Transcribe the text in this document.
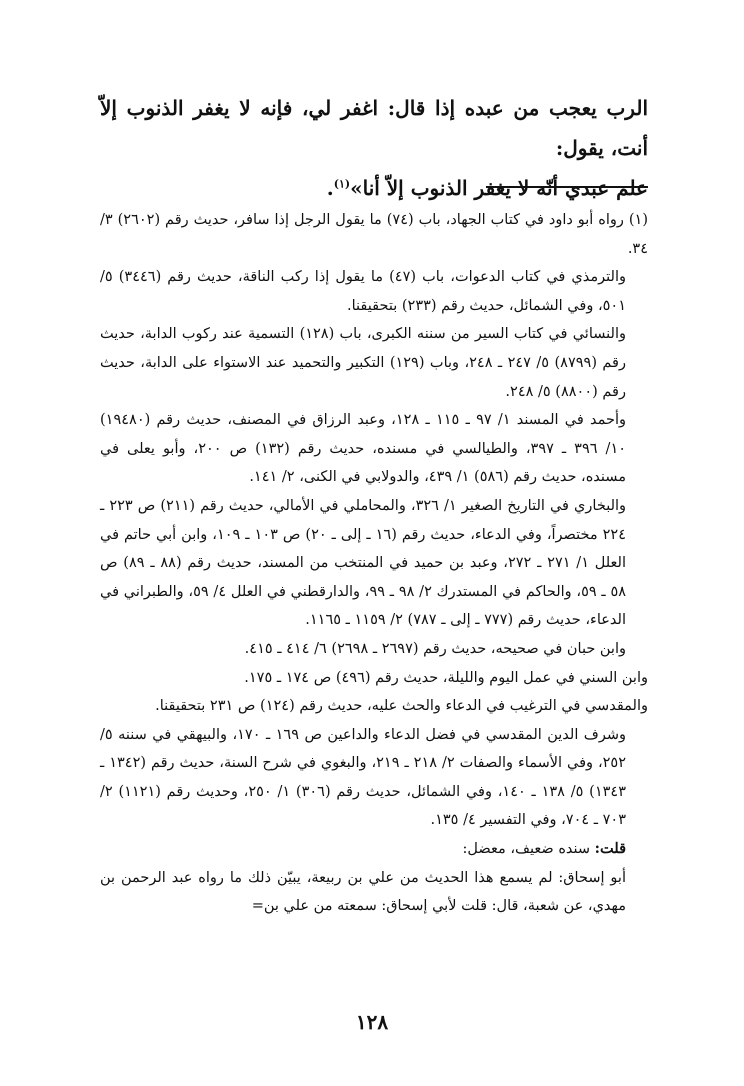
الرب يعجب من عبده إذا قال: اغفر لي، فإنه لا يغفر الذنوب إلاّ أنت، يقول:

علم عبدي أنّه لا يغفر الذنوب إلاّ أنا»$^{(١)}$.

(١) رواه أبو داود في كتاب الجهاد، باب (٧٤) ما يقول الرجل إذا سافر، حديث رقم (٢٦٠٢) ٣/ ٣٤.

والترمذي في كتاب الدعوات، باب (٤٧) ما يقول إذا ركب الناقة، حديث رقم (٣٤٤٦) ٥/ ٥٠١، وفي الشمائل، حديث رقم (٢٣٣) بتحقيقنا.

والنسائي في كتاب السير من سننه الكبرى، باب (١٢٨) التسمية عند ركوب الدابة، حديث رقم (٨٧٩٩) ٥/ ٢٤٧ ـ ٢٤٨، وباب (١٢٩) التكبير والتحميد عند الاستواء على الدابة، حديث رقم (٨٨٠٠) ٥/ ٢٤٨.

وأحمد في المسند ١/ ٩٧ ـ ١١٥ ـ ١٢٨، وعبد الرزاق في المصنف، حديث رقم (١٩٤٨٠) ١٠/ ٣٩٦ ـ ٣٩٧، والطيالسي في مسنده، حديث رقم (١٣٢) ص ٢٠٠، وأبو يعلى في مسنده، حديث رقم (٥٨٦) ١/ ٤٣٩، والدولابي في الكنى، ٢/ ١٤١.

والبخاري في التاريخ الصغير ١/ ٣٢٦، والمحاملي في الأمالي، حديث رقم (٢١١) ص ٢٢٣ ـ ٢٢٤ مختصراً، وفي الدعاء، حديث رقم (١٦ ـ إلى ـ ٢٠) ص ١٠٣ ـ ١٠٩، وابن أبي حاتم في العلل ١/ ٢٧١ ـ ٢٧٢، وعبد بن حميد في المنتخب من المسند، حديث رقم (٨٨ ـ ٨٩) ص ٥٨ ـ ٥٩، والحاكم في المستدرك ٢/ ٩٨ ـ ٩٩، والدارقطني في العلل ٤/ ٥٩، والطبراني في الدعاء، حديث رقم (٧٧٧ ـ إلى ـ ٧٨٧) ٢/ ١١٥٩ ـ ١١٦٥.

وابن حبان في صحيحه، حديث رقم (٢٦٩٧ ـ ٢٦٩٨) ٦/ ٤١٤ ـ ٤١٥.

وابن السني في عمل اليوم والليلة، حديث رقم (٤٩٦) ص ١٧٤ ـ ١٧٥.

والمقدسي في الترغيب في الدعاء والحث عليه، حديث رقم (١٢٤) ص ٢٣١ بتحقيقنا.

وشرف الدين المقدسي في فضل الدعاء والداعين ص ١٦٩ ـ ١٧٠، والبيهقي في سننه ٥/ ٢٥٢، وفي الأسماء والصفات ٢/ ٢١٨ ـ ٢١٩، والبغوي في شرح السنة، حديث رقم (١٣٤٢ ـ ١٣٤٣) ٥/ ١٣٨ ـ ١٤٠، وفي الشمائل، حديث رقم (٣٠٦) ١/ ٢٥٠، وحديث رقم (١١٢١) ٢/ ٧٠٣ ـ ٧٠٤، وفي التفسير ٤/ ١٣٥.

قلت: سنده ضعيف، معضل:

أبو إسحاق: لم يسمع هذا الحديث من علي بن ربيعة، يبيّن ذلك ما رواه عبد الرحمن بن مهدي، عن شعبة، قال: قلت لأبي إسحاق: سمعته من علي بن=

١٢٨
